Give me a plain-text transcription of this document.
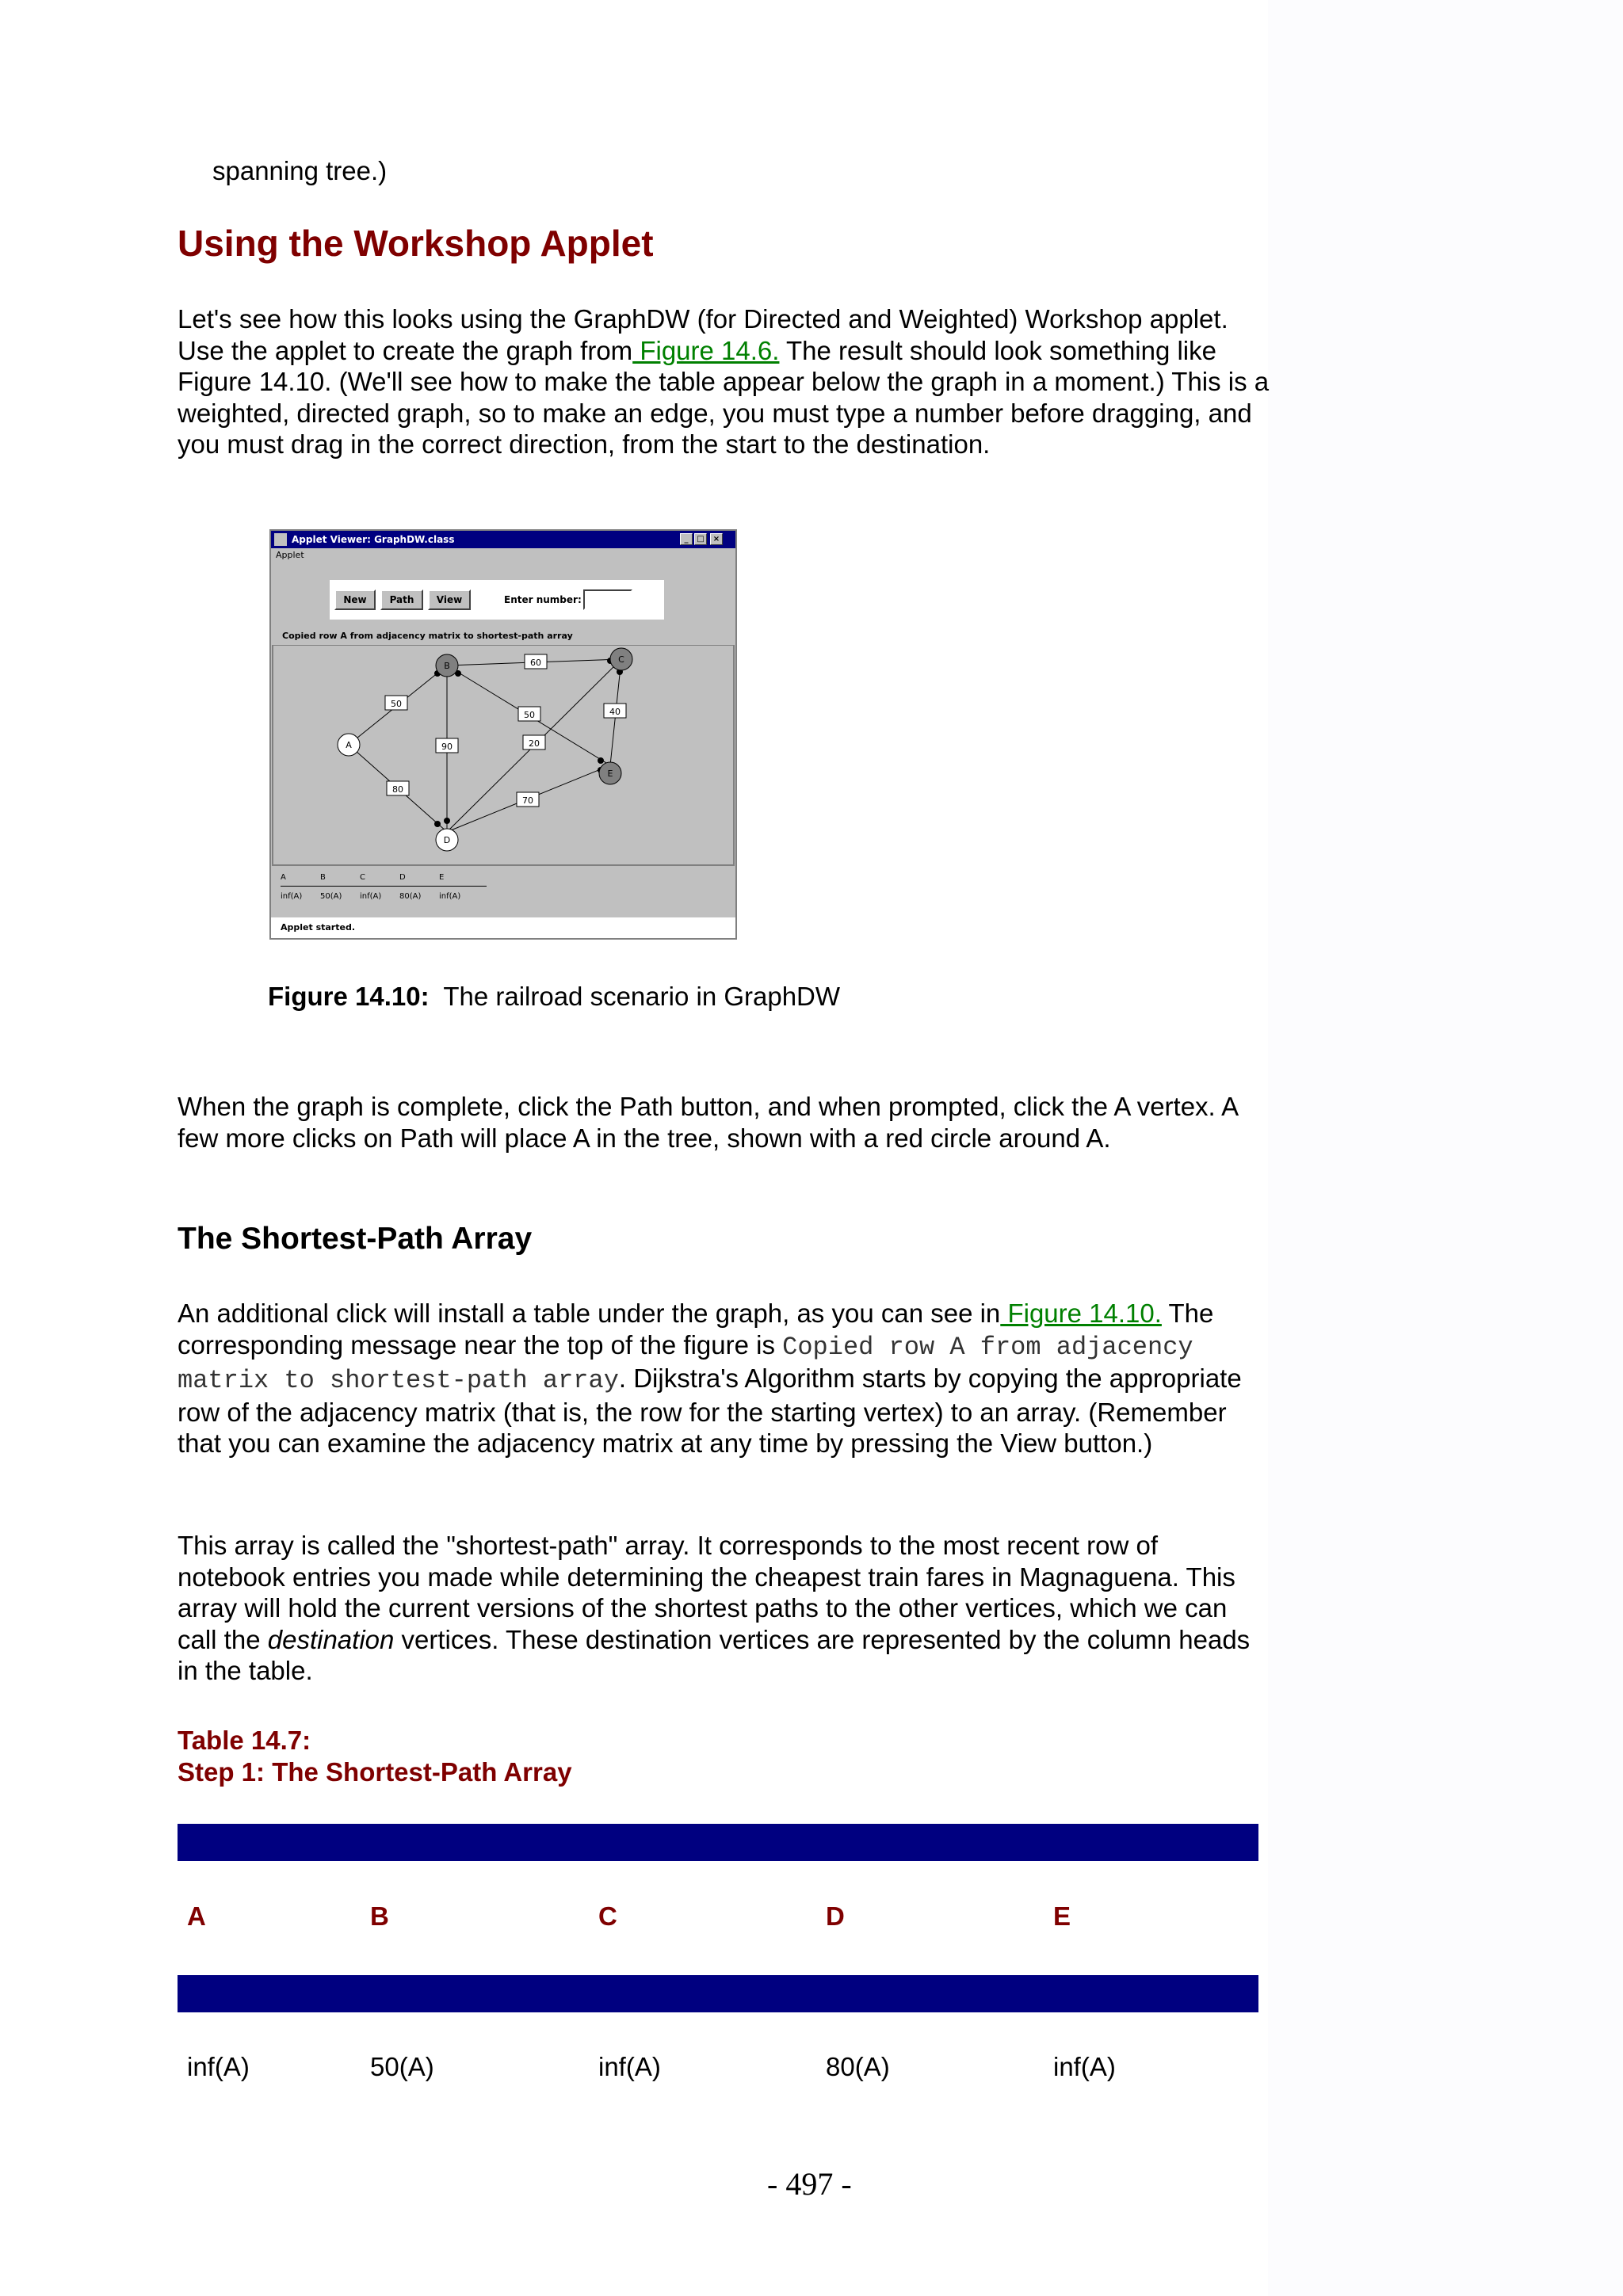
spanning tree.)

Using the Workshop Applet

Let's see how this looks using the GraphDW (for Directed and Weighted) Workshop applet. Use the applet to create the graph from Figure 14.6. The result should look something like Figure 14.10. (We'll see how to make the table appear below the graph in a moment.) This is a weighted, directed graph, so to make an edge, you must type a number before dragging, and you must drag in the correct direction, from the start to the destination.

Applet Viewer: GraphDW.class	_	□	×
Applet
New	Path	View	Enter number:
Copied row A from adjacency matrix to shortest-path array
50
80
90
60
50
20
40
70
A
B
C
D
E
A	B	C	D	E
inf(A) 50(A) inf(A) 80(A) inf(A)
Applet started.

Figure 14.10: The railroad scenario in GraphDW

When the graph is complete, click the Path button, and when prompted, click the A vertex. A few more clicks on Path will place A in the tree, shown with a red circle around A.

The Shortest-Path Array

An additional click will install a table under the graph, as you can see in Figure 14.10. The corresponding message near the top of the figure is Copied row A from adjacency matrix to shortest-path array. Dijkstra's Algorithm starts by copying the appropriate row of the adjacency matrix (that is, the row for the starting vertex) to an array. (Remember that you can examine the adjacency matrix at any time by pressing the View button.)

This array is called the "shortest-path" array. It corresponds to the most recent row of notebook entries you made while determining the cheapest train fares in Magnaguena. This array will hold the current versions of the shortest paths to the other vertices, which we can call the destination vertices. These destination vertices are represented by the column heads in the table.

Table 14.7:
Step 1: The Shortest-Path Array

A	B	C	D	E
inf(A)	50(A)	inf(A)	80(A)	inf(A)
- 497 -
